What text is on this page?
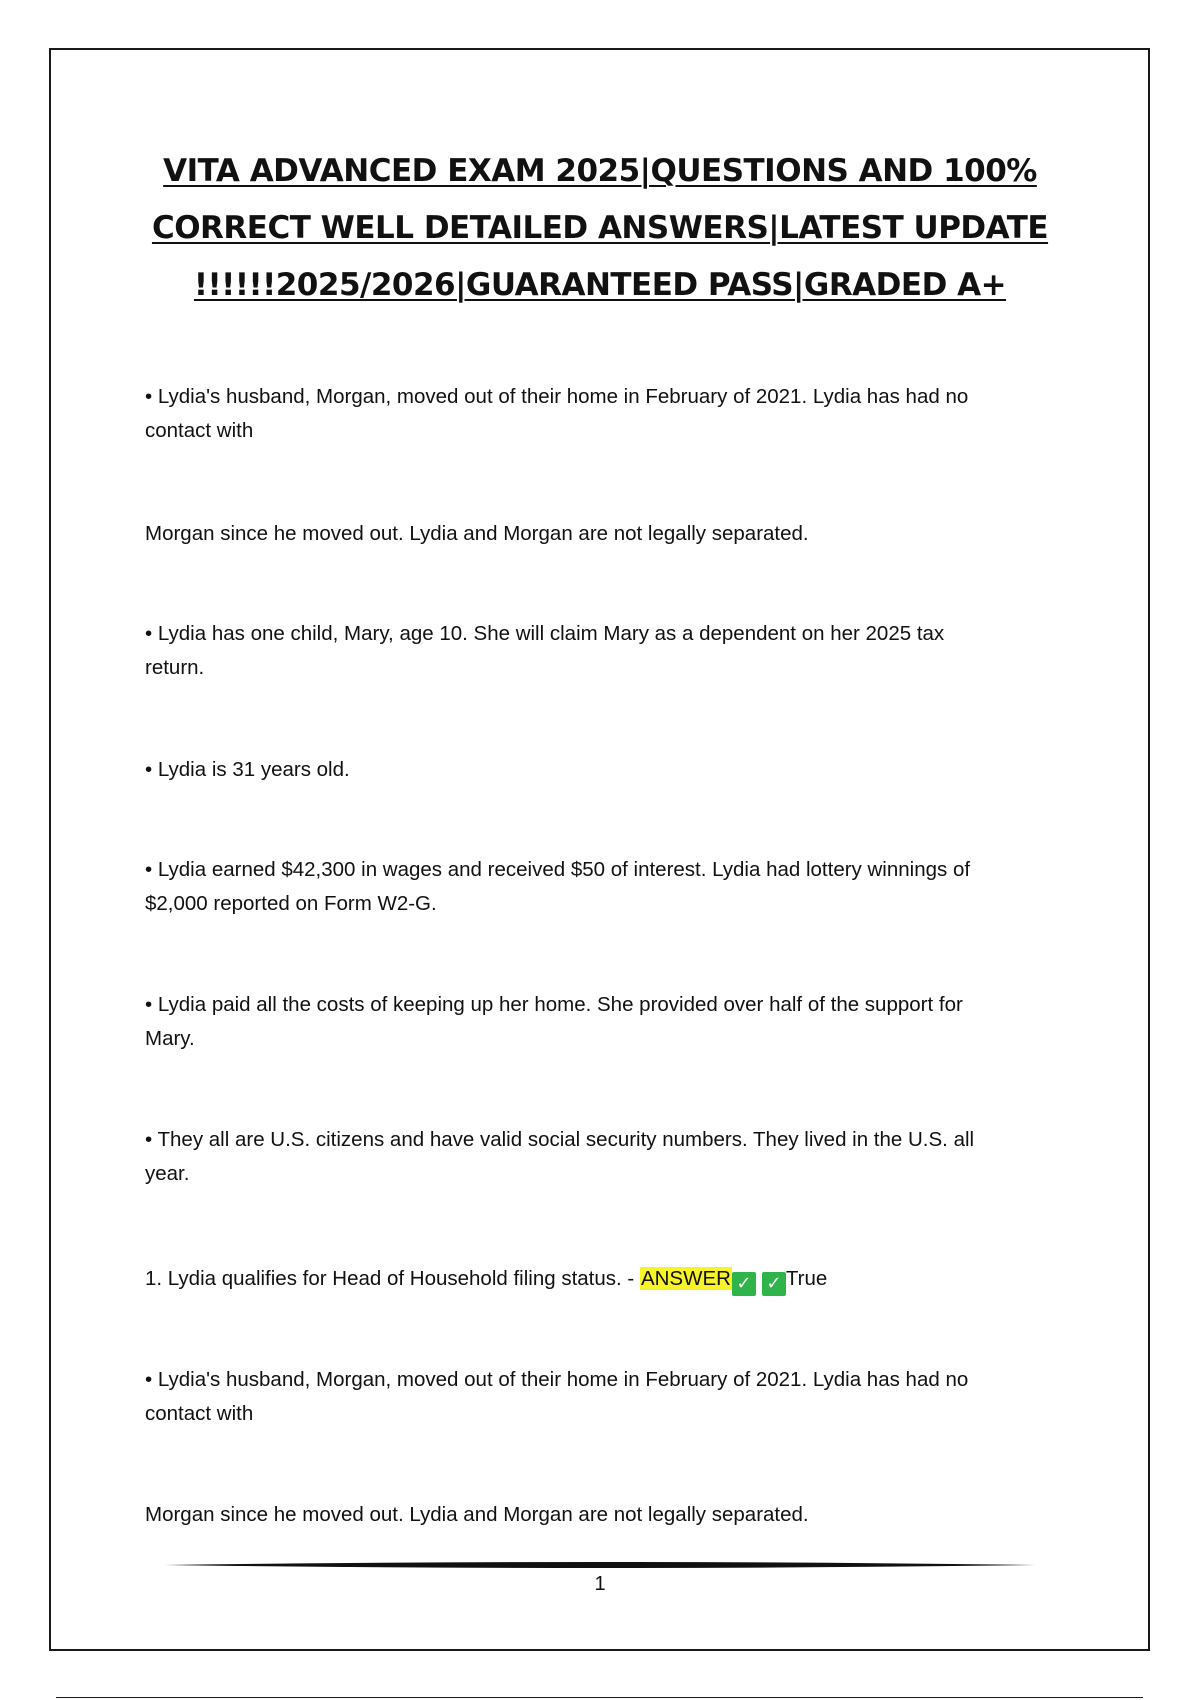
VITA ADVANCED EXAM 2025|QUESTIONS AND 100%
CORRECT WELL DETAILED ANSWERS|LATEST UPDATE
!!!!!!2025/2026|GUARANTEED PASS|GRADED A+
• Lydia's husband, Morgan, moved out of their home in February of 2021. Lydia has had no
contact with
Morgan since he moved out. Lydia and Morgan are not legally separated.
• Lydia has one child, Mary, age 10. She will claim Mary as a dependent on her 2025 tax
return.
• Lydia is 31 years old.
• Lydia earned $42,300 in wages and received $50 of interest. Lydia had lottery winnings of
$2,000 reported on Form W2-G.
• Lydia paid all the costs of keeping up her home. She provided over half of the support for
Mary.
• They all are U.S. citizens and have valid social security numbers. They lived in the U.S. all
year.
1. Lydia qualifies for Head of Household filing status. - ANSWER ✓ ✓ True
• Lydia's husband, Morgan, moved out of their home in February of 2021. Lydia has had no
contact with
Morgan since he moved out. Lydia and Morgan are not legally separated.
1
